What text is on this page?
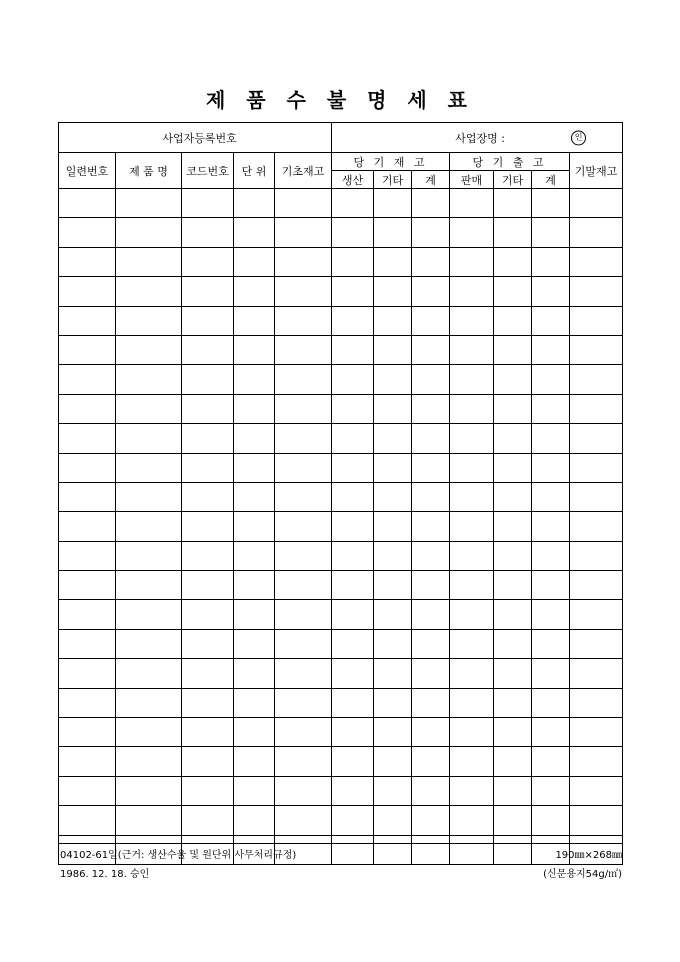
제 품 수 불 명 세 표
사업자등록번호					사업장명 : 인						

일련번호	제 품 명	코드번호	단 위	기초재고	당 기 재 고			당 기 출 고			기말재고
					생산	기타	계	판매	기타	계	

04102-61일(근거: 생산수율 및 원단위 사무처리규정)	190㎜×268㎜
1986. 12. 18. 승인	(신문용지54g/㎡)
